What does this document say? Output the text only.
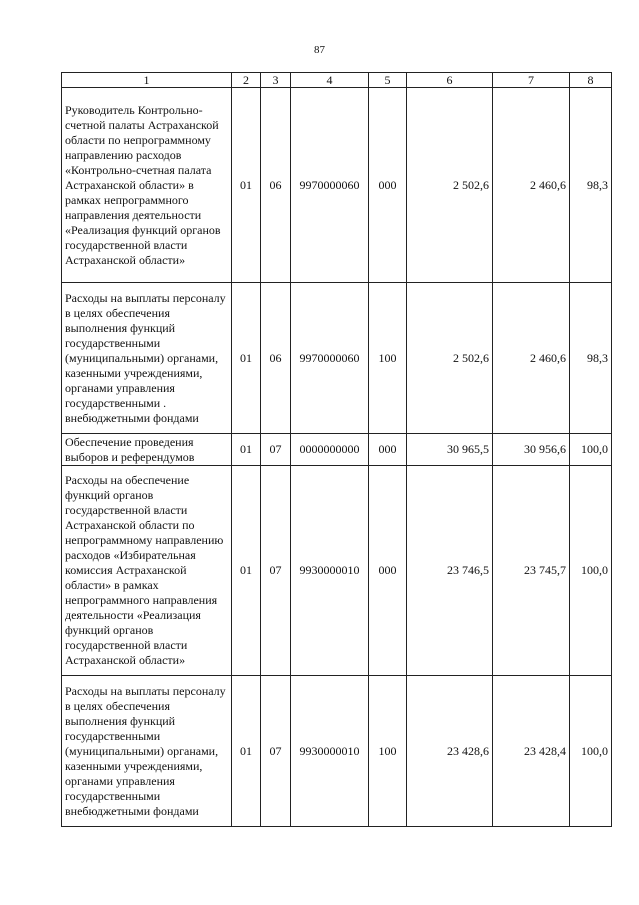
87
1	2	3	4	5	6	7	8
Руководитель Контрольно-счетной палаты Астраханской области по непрограммному направлению расходов «Контрольно-счетная палата Астраханской области» в рамках непрограммного направления деятельности «Реализация функций органов государственной власти Астраханской области»	01	06	9970000060	000	2 502,6	2 460,6	98,3
Расходы на выплаты персоналу в целях обеспечения выполнения функций государственными (муниципальными) органами, казенными учреждениями, органами управления государственными . внебюджетными фондами	01	06	9970000060	100	2 502,6	2 460,6	98,3
Обеспечение проведения выборов и референдумов	01	07	0000000000	000	30 965,5	30 956,6	100,0
Расходы на обеспечение функций органов государственной власти Астраханской области по непрограммному направлению расходов «Избирательная комиссия Астраханской области» в рамках непрограммного направления деятельности «Реализация функций органов государственной власти Астраханской области»	01	07	9930000010	000	23 746,5	23 745,7	100,0
Расходы на выплаты персоналу в целях обеспечения выполнения функций государственными (муниципальными) органами, казенными учреждениями, органами управления государственными внебюджетными фондами	01	07	9930000010	100	23 428,6	23 428,4	100,0
